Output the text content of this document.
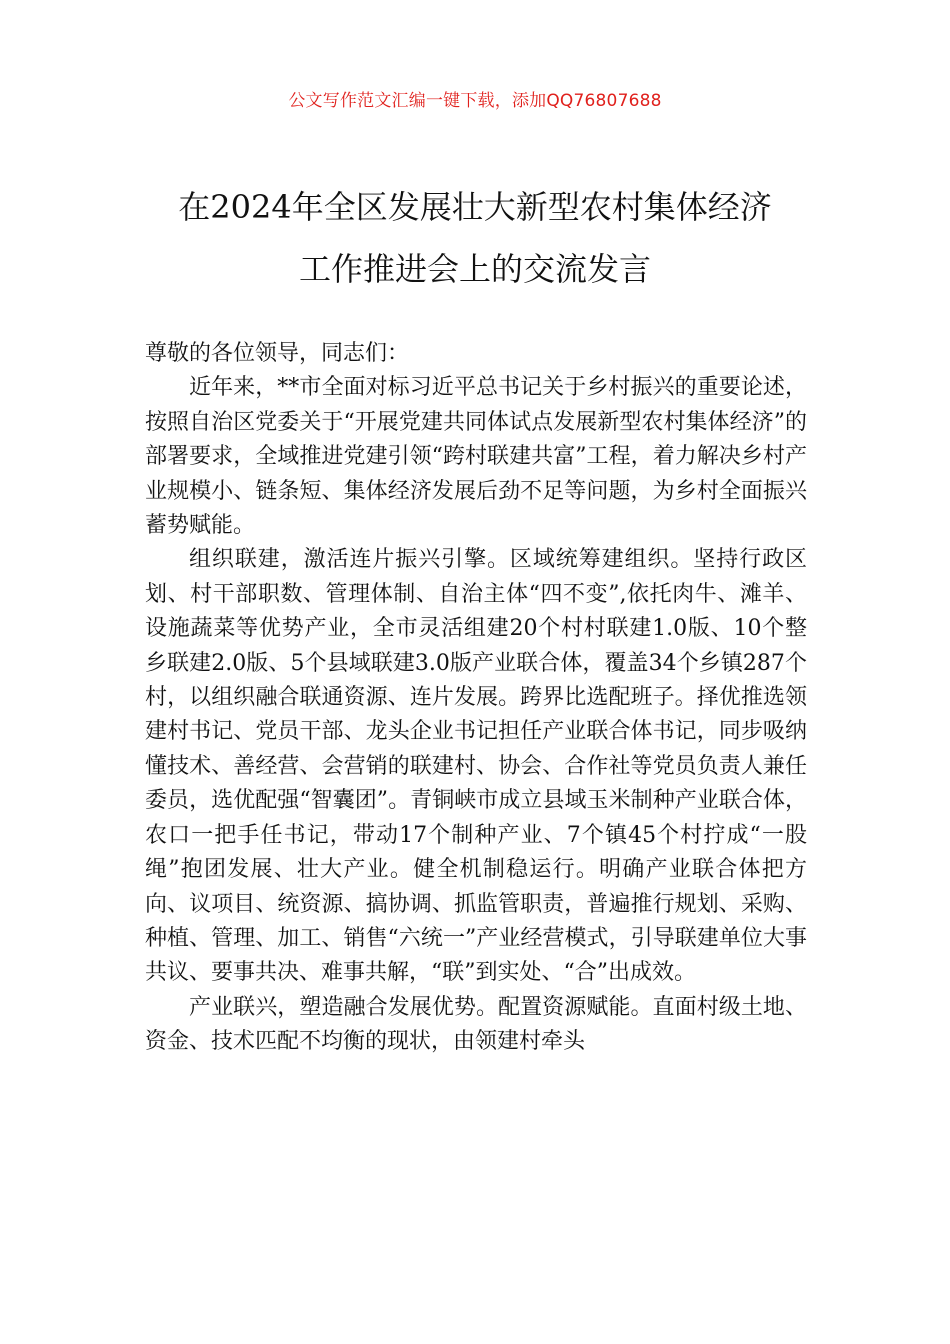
公文写作范文汇编一键下载，添加QQ76807688
在2024年全区发展壮大新型农村集体经济
工作推进会上的交流发言

尊敬的各位领导，同志们：

近年来，**市全面对标习近平总书记关于乡村振兴的重要论述，按照自治区党委关于“开展党建共同体试点发展新型农村集体经济”的部署要求，全域推进党建引领“跨村联建共富”工程，着力解决乡村产业规模小、链条短、集体经济发展后劲不足等问题，为乡村全面振兴蓄势赋能。

组织联建，激活连片振兴引擎。区域统筹建组织。坚持行政区划、村干部职数、管理体制、自治主体“四不变”,依托肉牛、滩羊、设施蔬菜等优势产业，全市灵活组建20个村村联建1.0版、10个整乡联建2.0版、5个县域联建3.0版产业联合体，覆盖34个乡镇287个村，以组织融合联通资源、连片发展。跨界比选配班子。择优推选领建村书记、党员干部、龙头企业书记担任产业联合体书记，同步吸纳懂技术、善经营、会营销的联建村、协会、合作社等党员负责人兼任委员，选优配强“智囊团”。青铜峡市成立县域玉米制种产业联合体，农口一把手任书记，带动17个制种产业、7个镇45个村拧成“一股绳”抱团发展、壮大产业。健全机制稳运行。明确产业联合体把方向、议项目、统资源、搞协调、抓监管职责，普遍推行规划、采购、种植、管理、加工、销售“六统一”产业经营模式，引导联建单位大事共议、要事共决、难事共解，“联”到实处、“合”出成效。

产业联兴，塑造融合发展优势。配置资源赋能。直面村级土地、资金、技术匹配不均衡的现状，由领建村牵头
